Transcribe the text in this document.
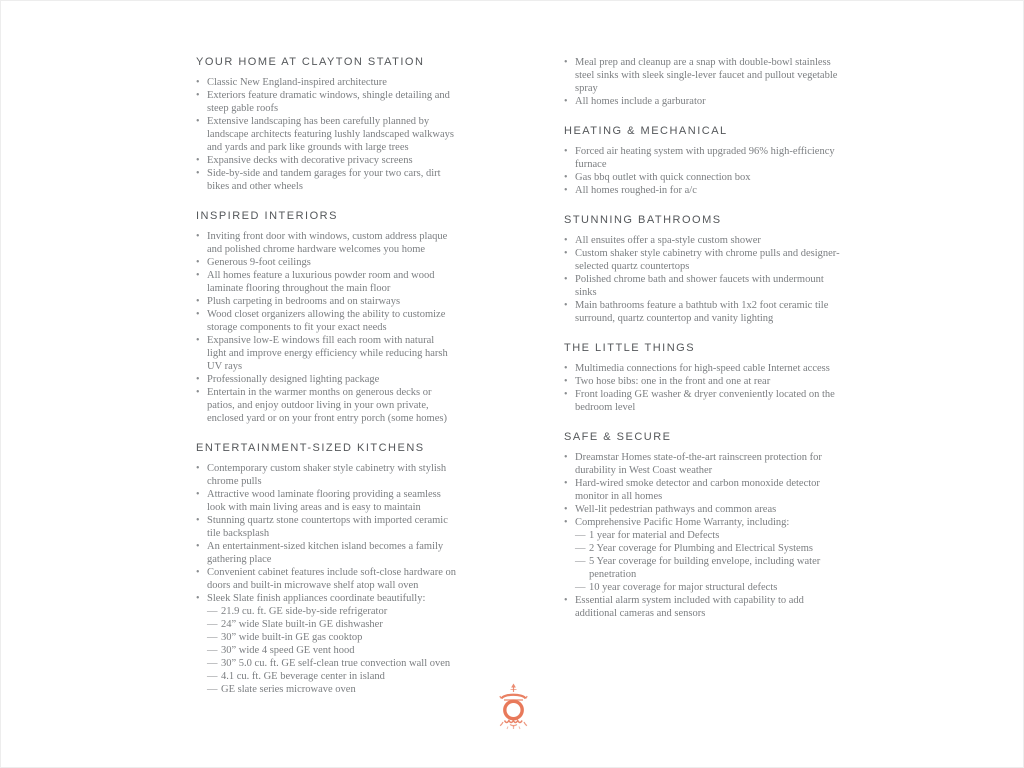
YOUR HOME AT CLAYTON STATION
• Classic New England-inspired architecture
• Exteriors feature dramatic windows, shingle detailing and steep gable roofs
• Extensive landscaping has been carefully planned by landscape architects featuring lushly landscaped walkways and yards and park like grounds with large trees
• Expansive decks with decorative privacy screens
• Side-by-side and tandem garages for your two cars, dirt bikes and other wheels
INSPIRED INTERIORS
• Inviting front door with windows, custom address plaque and polished chrome hardware welcomes you home
• Generous 9-foot ceilings
• All homes feature a luxurious powder room and wood laminate flooring throughout the main floor
• Plush carpeting in bedrooms and on stairways
• Wood closet organizers allowing the ability to customize storage components to fit your exact needs
• Expansive low-E windows fill each room with natural light and improve energy efficiency while reducing harsh UV rays
• Professionally designed lighting package
• Entertain in the warmer months on generous decks or patios, and enjoy outdoor living in your own private, enclosed yard or on your front entry porch (some homes)
ENTERTAINMENT-SIZED KITCHENS
• Contemporary custom shaker style cabinetry with stylish chrome pulls
• Attractive wood laminate flooring providing a seamless look with main living areas and is easy to maintain
• Stunning quartz stone countertops with imported ceramic tile backsplash
• An entertainment-sized kitchen island becomes a family gathering place
• Convenient cabinet features include soft-close hardware on doors and built-in microwave shelf atop wall oven
• Sleek Slate finish appliances coordinate beautifully:
— 21.9 cu. ft. GE side-by-side refrigerator
— 24” wide Slate built-in GE dishwasher
— 30” wide built-in GE gas cooktop
— 30” wide 4 speed GE vent hood
— 30” 5.0 cu. ft. GE self-clean true convection wall oven
— 4.1 cu. ft. GE beverage center in island
— GE slate series microwave oven
• Meal prep and cleanup are a snap with double-bowl stainless steel sinks with sleek single-lever faucet and pullout vegetable spray
• All homes include a garburator
HEATING & MECHANICAL
• Forced air heating system with upgraded 96% high-efficiency furnace
• Gas bbq outlet with quick connection box
• All homes roughed-in for a/c
STUNNING BATHROOMS
• All ensuites offer a spa-style custom shower
• Custom shaker style cabinetry with chrome pulls and designer-selected quartz countertops
• Polished chrome bath and shower faucets with undermount sinks
• Main bathrooms feature a bathtub with 1x2 foot ceramic tile surround, quartz countertop and vanity lighting
THE LITTLE THINGS
• Multimedia connections for high-speed cable Internet access
• Two hose bibs: one in the front and one at rear
• Front loading GE washer & dryer conveniently located on the bedroom level
SAFE & SECURE
• Dreamstar Homes state-of-the-art rainscreen protection for durability in West Coast weather
• Hard-wired smoke detector and carbon monoxide detector monitor in all homes
• Well-lit pedestrian pathways and common areas
• Comprehensive Pacific Home Warranty, including:
— 1 year for material and Defects
— 2 Year coverage for Plumbing and Electrical Systems
— 5 Year coverage for building envelope, including water penetration
— 10 year coverage for major structural defects
• Essential alarm system included with capability to add additional cameras and sensors
